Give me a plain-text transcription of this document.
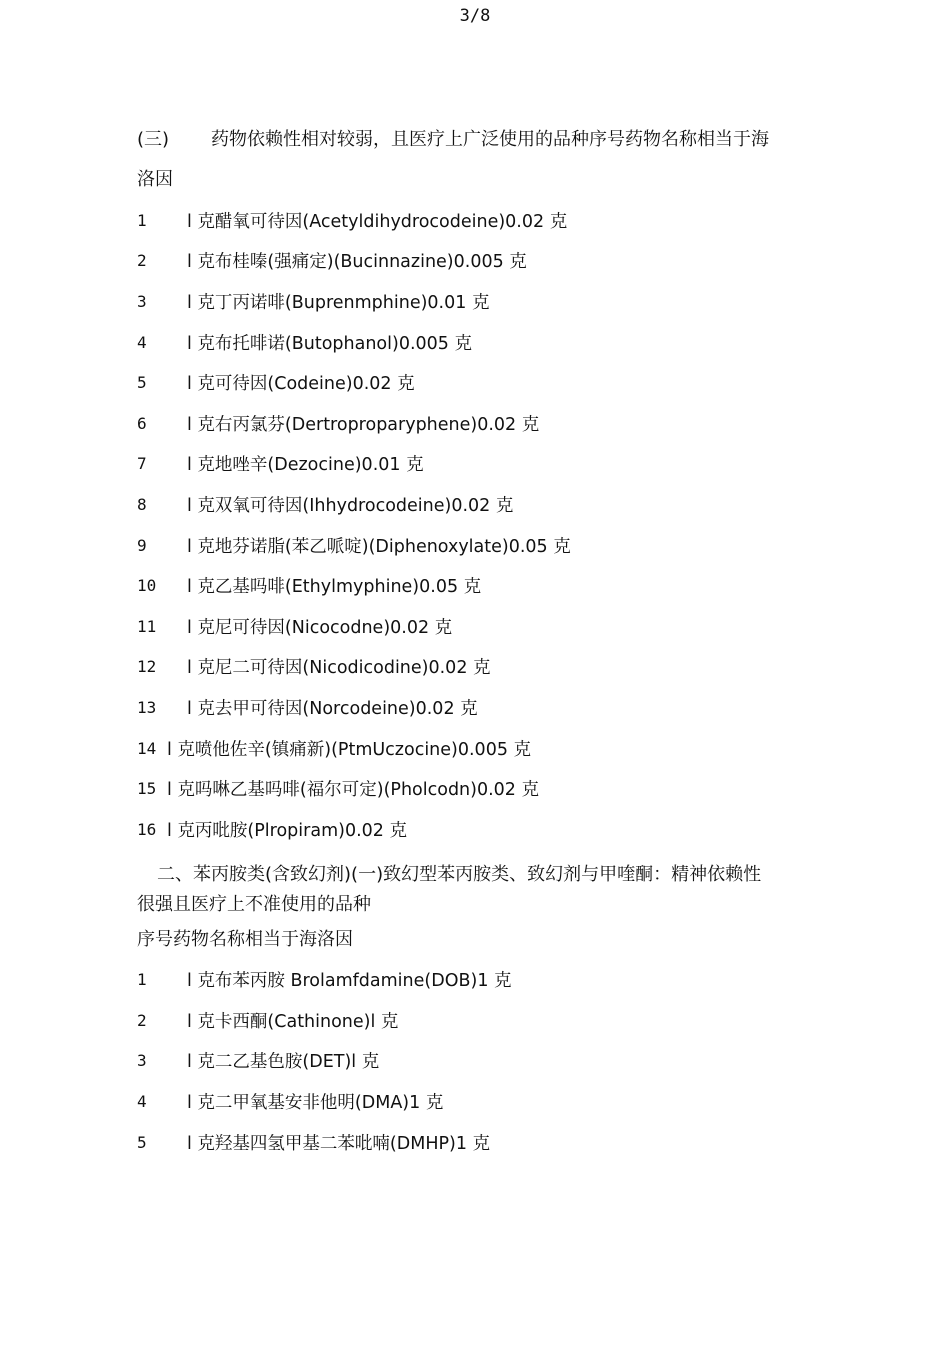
3/8

(三) 药物依赖性相对较弱，且医疗上广泛使用的品种序号药物名称相当于海

洛因

1	l 克醋氧可待因(Acetyldihydrocodeine)0.02 克
2	l 克布桂嗪(强痛定)(Bucinnazine)0.005 克
3	l 克丁丙诺啡(Buprenmphine)0.01 克
4	l 克布托啡诺(Butophanol)0.005 克
5	l 克可待因(Codeine)0.02 克
6	l 克右丙氯芬(Dertroproparyphene)0.02 克
7	l 克地唑辛(Dezocine)0.01 克
8	l 克双氧可待因(Ihhydrocodeine)0.02 克
9	l 克地芬诺脂(苯乙哌啶)(Diphenoxylate)0.05 克
10	l 克乙基吗啡(Ethylmyphine)0.05 克
11	l 克尼可待因(Nicocodne)0.02 克
12	l 克尼二可待因(Nicodicodine)0.02 克
13	l 克去甲可待因(Norcodeine)0.02 克
14 l 克喷他佐辛(镇痛新)(PtmUczocine)0.005 克
15 l 克吗啉乙基吗啡(福尔可定)(Pholcodn)0.02 克
16 l 克丙吡胺(Plropiram)0.02 克

二、苯丙胺类(含致幻剂)(一)致幻型苯丙胺类、致幻剂与甲喹酮：精神依赖性

很强且医疗上不准使用的品种

序号药物名称相当于海洛因

1	l 克布苯丙胺 Brolamfdamine(DOB)1 克
2	l 克卡西酮(Cathinone)l 克
3	l 克二乙基色胺(DET)l 克
4	l 克二甲氧基安非他明(DMA)1 克
5	l 克羟基四氢甲基二苯吡喃(DMHP)1 克
